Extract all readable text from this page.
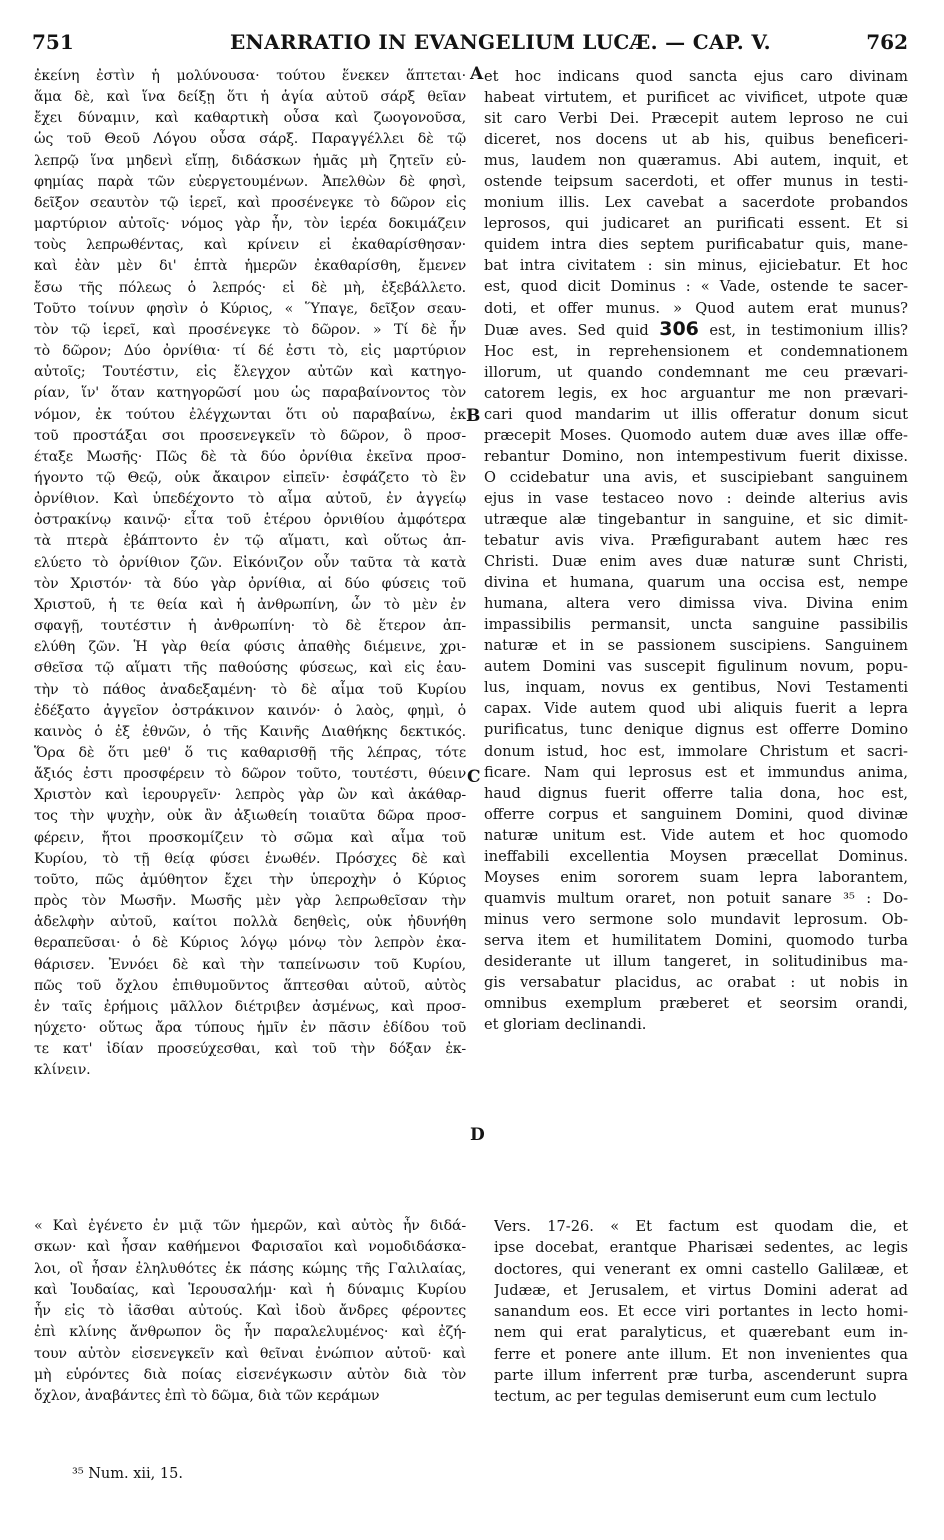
751	ENARRATIO IN EVANGELIUM LUCÆ. — CAP. V.	762
ἐκείνη ἐστὶν ἡ μολύνουσα· τούτου ἕνεκεν ἅπτεται·
ἅμα δὲ, καὶ ἵνα δείξῃ ὅτι ἡ ἁγία αὐτοῦ σάρξ θεῖαν
ἔχει δύναμιν, καὶ καθαρτικὴ οὖσα καὶ ζωογονοῦσα,
ὡς τοῦ Θεοῦ Λόγου οὖσα σάρξ. Παραγγέλλει δὲ τῷ
λεπρῷ ἵνα μηδενὶ εἴπῃ, διδάσκων ἡμᾶς μὴ ζητεῖν εὐ-
φημίας παρὰ τῶν εὐεργετουμένων. Ἀπελθὼν δὲ φησὶ,
δεῖξον σεαυτὸν τῷ ἱερεῖ, καὶ προσένεγκε τὸ δῶρον εἰς
μαρτύριον αὐτοῖς· νόμος γὰρ ἦν, τὸν ἱερέα δοκιμάζειν
τοὺς λεπρωθέντας, καὶ κρίνειν εἰ ἐκαθαρίσθησαν·
καὶ ἐὰν μὲν δι' ἑπτὰ ἡμερῶν ἐκαθαρίσθη, ἔμενεν
ἔσω τῆς πόλεως ὁ λεπρός· εἰ δὲ μὴ, ἐξεβάλλετο.
Τοῦτο τοίνυν φησὶν ὁ Κύριος, « Ὕπαγε, δεῖξον σεαυ-
τὸν τῷ ἱερεῖ, καὶ προσένεγκε τὸ δῶρον. » Τί δὲ ἦν
τὸ δῶρον; Δύο ὀρνίθια· τί δέ ἐστι τὸ, εἰς μαρτύριον
αὐτοῖς; Τουτέστιν, εἰς ἔλεγχον αὐτῶν καὶ κατηγο-
ρίαν, ἵν' ὅταν κατηγορῶσί μου ὡς παραβαίνοντος τὸν
νόμον, ἐκ τούτου ἐλέγχωνται ὅτι οὐ παραβαίνω, ἐκ
τοῦ προστάξαι σοι προσενεγκεῖν τὸ δῶρον, ὃ προσ-
έταξε Μωσῆς· Πῶς δὲ τὰ δύο ὀρνίθια ἐκεῖνα προσ-
ήγοντο τῷ Θεῷ, οὐκ ἄκαιρον εἰπεῖν· ἐσφάζετο τὸ ἓν
ὀρνίθιον. Καὶ ὑπεδέχοντο τὸ αἷμα αὐτοῦ, ἐν ἀγγείῳ
ὀστρακίνῳ καινῷ· εἶτα τοῦ ἑτέρου ὀρνιθίου ἀμφότερα
τὰ πτερὰ ἐβάπτοντο ἐν τῷ αἵματι, καὶ οὕτως ἀπ-
ελύετο τὸ ὀρνίθιον ζῶν. Εἰκόνιζον οὖν ταῦτα τὰ κατὰ
τὸν Χριστόν· τὰ δύο γὰρ ὀρνίθια, αἱ δύο φύσεις τοῦ
Χριστοῦ, ἡ τε θεία καὶ ἡ ἀνθρωπίνη, ὧν τὸ μὲν ἐν
σφαγῇ, τουτέστιν ἡ ἀνθρωπίνη· τὸ δὲ ἕτερον ἀπ-
ελύθη ζῶν. Ἡ γὰρ θεία φύσις ἀπαθὴς διέμεινε, χρι-
σθεῖσα τῷ αἵματι τῆς παθούσης φύσεως, καὶ εἰς ἑαυ-
τὴν τὸ πάθος ἀναδεξαμένη· τὸ δὲ αἷμα τοῦ Κυρίου
ἐδέξατο ἀγγεῖον ὀστράκινον καινόν· ὁ λαὸς, φημὶ, ὁ
καινὸς ὁ ἐξ ἐθνῶν, ὁ τῆς Καινῆς Διαθήκης δεκτικός.
Ὅρα δὲ ὅτι μεθ' ὅ τις καθαρισθῇ τῆς λέπρας, τότε
ἄξιός ἐστι προσφέρειν τὸ δῶρον τοῦτο, τουτέστι, θύειν
Χριστὸν καὶ ἱερουργεῖν· λεπρὸς γὰρ ὢν καὶ ἀκάθαρ-
τος τὴν ψυχὴν, οὐκ ἂν ἀξιωθείη τοιαῦτα δῶρα προσ-
φέρειν, ἤτοι προσκομίζειν τὸ σῶμα καὶ αἷμα τοῦ
Κυρίου, τὸ τῇ θείᾳ φύσει ἑνωθέν. Πρόσχες δὲ καὶ
τοῦτο, πῶς ἀμύθητον ἔχει τὴν ὑπεροχὴν ὁ Κύριος
πρὸς τὸν Μωσῆν. Μωσῆς μὲν γὰρ λεπρωθεῖσαν τὴν
ἀδελφὴν αὐτοῦ, καίτοι πολλὰ δεηθεὶς, οὐκ ἠδυνήθη
θεραπεῦσαι· ὁ δὲ Κύριος λόγῳ μόνῳ τὸν λεπρὸν ἐκα-
θάρισεν. Ἐννόει δὲ καὶ τὴν ταπείνωσιν τοῦ Κυρίου,
πῶς τοῦ ὄχλου ἐπιθυμοῦντος ἅπτεσθαι αὐτοῦ, αὐτὸς
ἐν ταῖς ἐρήμοις μᾶλλον διέτριβεν ἀσμένως, καὶ προσ-
ηύχετο· οὕτως ἄρα τύπους ἡμῖν ἐν πᾶσιν ἐδίδου τοῦ
τε κατ' ἰδίαν προσεύχεσθαι, καὶ τοῦ τὴν δόξαν ἐκ-
κλίνειν.
et hoc indicans quod sancta ejus caro divinam
habeat virtutem, et purificet ac vivificet, utpote quæ
sit caro Verbi Dei. Præcepit autem leproso ne cui
diceret, nos docens ut ab his, quibus beneficeri-
mus, laudem non quæramus. Abi autem, inquit, et
ostende teipsum sacerdoti, et offer munus in testi-
monium illis. Lex cavebat a sacerdote probandos
leprosos, qui judicaret an purificati essent. Et si
quidem intra dies septem purificabatur quis, mane-
bat intra civitatem : sin minus, ejiciebatur. Et hoc
est, quod dicit Dominus : « Vade, ostende te sacer-
doti, et offer munus. » Quod autem erat munus?
Duæ aves. Sed quid 306 est, in testimonium illis?
Hoc est, in reprehensionem et condemnationem
illorum, ut quando condemnant me ceu prævari-
catorem legis, ex hoc arguantur me non prævari-
cari quod mandarim ut illis offeratur donum sicut
præcepit Moses. Quomodo autem duæ aves illæ offe-
rebantur Domino, non intempestivum fuerit dixisse.
O ccidebatur una avis, et suscipiebant sanguinem
ejus in vase testaceo novo : deinde alterius avis
utræque alæ tingebantur in sanguine, et sic dimit-
tebatur avis viva. Præfigurabant autem hæc res
Christi. Duæ enim aves duæ naturæ sunt Christi,
divina et humana, quarum una occisa est, nempe
humana, altera vero dimissa viva. Divina enim
impassibilis permansit, uncta sanguine passibilis
naturæ et in se passionem suscipiens. Sanguinem
autem Domini vas suscepit figulinum novum, popu-
lus, inquam, novus ex gentibus, Novi Testamenti
capax. Vide autem quod ubi aliquis fuerit a lepra
purificatus, tunc denique dignus est offerre Domino
donum istud, hoc est, immolare Christum et sacri-
ficare. Nam qui leprosus est et immundus anima,
haud dignus fuerit offerre talia dona, hoc est,
offerre corpus et sanguinem Domini, quod divinæ
naturæ unitum est. Vide autem et hoc quomodo
ineffabili excellentia Moysen præcellat Dominus.
Moyses enim sororem suam lepra laborantem,
quamvis multum oraret, non potuit sanare ³⁵ : Do-
minus vero sermone solo mundavit leprosum. Ob-
serva item et humilitatem Domini, quomodo turba
desiderante ut illum tangeret, in solitudinibus ma-
gis versabatur placidus, ac orabat : ut nobis in
omnibus exemplum præberet et seorsim orandi,
et gloriam declinandi.
A
B
C
D
« Καὶ ἐγένετο ἐν μιᾷ τῶν ἡμερῶν, καὶ αὐτὸς ἦν διδά-
σκων· καὶ ἦσαν καθήμενοι Φαρισαῖοι καὶ νομοδιδάσκα-
λοι, οἳ ἦσαν ἐληλυθότες ἐκ πάσης κώμης τῆς Γαλιλαίας,
καὶ Ἰουδαίας, καὶ Ἱερουσαλήμ· καὶ ἡ δύναμις Κυρίου
ἦν εἰς τὸ ἰᾶσθαι αὐτούς. Καὶ ἰδοὺ ἄνδρες φέροντες
ἐπὶ κλίνης ἄνθρωπον ὃς ἦν παραλελυμένος· καὶ ἐζή-
τουν αὐτὸν εἰσενεγκεῖν καὶ θεῖναι ἐνώπιον αὐτοῦ· καὶ
μὴ εὑρόντες διὰ ποίας εἰσενέγκωσιν αὐτὸν διὰ τὸν
ὄχλον, ἀναβάντες ἐπὶ τὸ δῶμα, διὰ τῶν κεράμων
Vers. 17-26. « Et factum est quodam die, et
ipse docebat, erantque Pharisæi sedentes, ac legis
doctores, qui venerant ex omni castello Galilææ, et
Judææ, et Jerusalem, et virtus Domini aderat ad
sanandum eos. Et ecce viri portantes in lecto homi-
nem qui erat paralyticus, et quærebant eum in-
ferre et ponere ante illum. Et non invenientes qua
parte illum inferrent præ turba, ascenderunt supra
tectum, ac per tegulas demiserunt eum cum lectulo
³⁵ Num. xii, 15.
